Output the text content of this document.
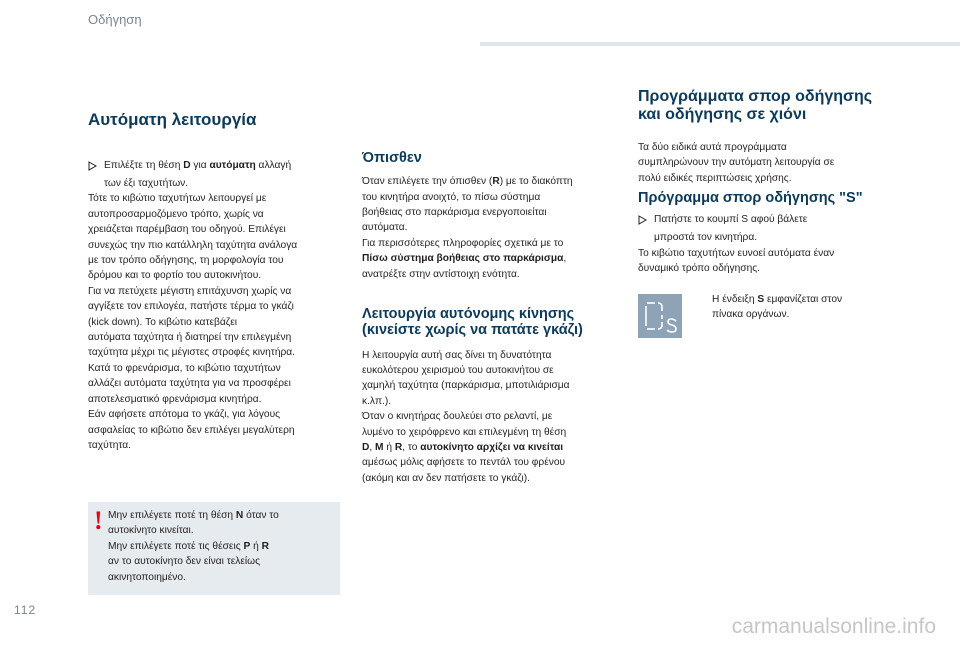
Οδήγηση
Αυτόματη λειτουργία

Επιλέξτε τη θέση D για αυτόματη αλλαγή

των έξι ταχυτήτων.

Τότε το κιβώτιο ταχυτήτων λειτουργεί με

αυτοπροσαρμοζόμενο τρόπο, χωρίς να

χρειάζεται παρέμβαση του οδηγού. Επιλέγει

συνεχώς την πιο κατάλληλη ταχύτητα ανάλογα

με τον τρόπο οδήγησης, τη μορφολογία του

δρόμου και το φορτίο του αυτοκινήτου.

Για να πετύχετε μέγιστη επιτάχυνση χωρίς να

αγγίξετε τον επιλογέα, πατήστε τέρμα το γκάζι

(kick down). Το κιβώτιο κατεβάζει

αυτόματα ταχύτητα ή διατηρεί την επιλεγμένη

ταχύτητα μέχρι τις μέγιστες στροφές κινητήρα.

Κατά το φρενάρισμα, το κιβώτιο ταχυτήτων

αλλάζει αυτόματα ταχύτητα για να προσφέρει

αποτελεσματικό φρενάρισμα κινητήρα.

Εάν αφήσετε απότομα το γκάζι, για λόγους

ασφαλείας το κιβώτιο δεν επιλέγει μεγαλύτερη

ταχύτητα.

! Μην επιλέγετε ποτέ τη θέση N όταν το

αυτοκίνητο κινείται.

Μην επιλέγετε ποτέ τις θέσεις P ή R

αν το αυτοκίνητο δεν είναι τελείως

ακινητοποιημένο.

Όπισθεν

Όταν επιλέγετε την όπισθεν (R) με το διακόπτη

του κινητήρα ανοιχτό, το πίσω σύστημα

βοήθειας στο παρκάρισμα ενεργοποιείται

αυτόματα.

Για περισσότερες πληροφορίες σχετικά με το

Πίσω σύστημα βοήθειας στο παρκάρισμα,

ανατρέξτε στην αντίστοιχη ενότητα.

Λειτουργία αυτόνομης κίνησης
(κινείστε χωρίς να πατάτε γκάζι)

Η λειτουργία αυτή σας δίνει τη δυνατότητα

ευκολότερου χειρισμού του αυτοκινήτου σε

χαμηλή ταχύτητα (παρκάρισμα, μποτιλιάρισμα

κ.λπ.).

Όταν ο κινητήρας δουλεύει στο ρελαντί, με

λυμένο το χειρόφρενο και επιλεγμένη τη θέση

D, M ή R, το αυτοκίνητο αρχίζει να κινείται

αμέσως μόλις αφήσετε το πεντάλ του φρένου

(ακόμη και αν δεν πατήσετε το γκάζι).

Προγράμματα σπορ οδήγησης
και οδήγησης σε χιόνι

Τα δύο ειδικά αυτά προγράμματα

συμπληρώνουν την αυτόματη λειτουργία σε

πολύ ειδικές περιπτώσεις χρήσης.

Πρόγραμμα σπορ οδήγησης "S"

Πατήστε το κουμπί S αφού βάλετε

μπροστά τον κινητήρα.

Το κιβώτιο ταχυτήτων ευνοεί αυτόματα έναν

δυναμικό τρόπο οδήγησης.

Η ένδειξη S εμφανίζεται στον

πίνακα οργάνων.

112
carmanualsonline.info
